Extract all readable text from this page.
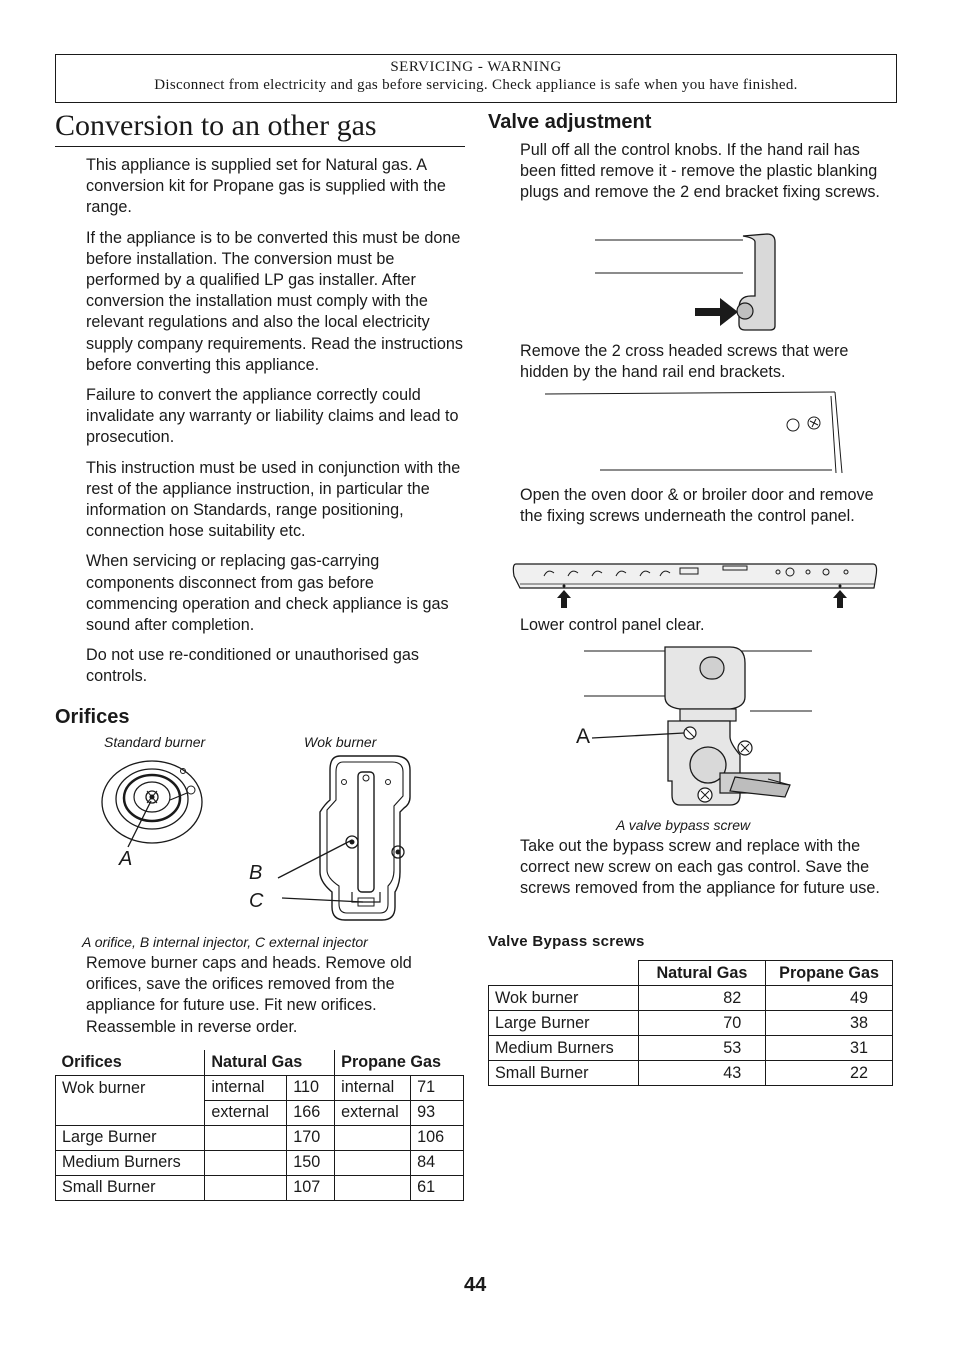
SERVICING - WARNING
Disconnect from electricity and gas before servicing. Check appliance is safe when you have finished.
Conversion to an other gas

This appliance is supplied set for Natural gas. A conversion kit for Propane gas is supplied with the range.

If the appliance is to be converted this must be done before installation. The conversion must be performed by a qualified LP gas installer. After conversion the installation must comply with the relevant regulations and also the local electricity supply company requirements. Read the instructions before converting this appliance.

Failure to convert the appliance correctly could invalidate any warranty or liability claims and lead to prosecution.

This instruction must be used in conjunction with the rest of the appliance instruction, in particular the information on Standards, range positioning, connection hose suitability etc.

When servicing or replacing gas-carrying components disconnect from gas before commencing operation and check appliance is gas sound after completion.

Do not use re-conditioned or unauthorised gas controls.

Orifices
Standard burner	Wok burner
A
B
C
A orifice, B internal injector, C external injector
Remove burner caps and heads. Remove old orifices, save the orifices removed from the appliance for future use. Fit new orifices. Reassemble in reverse order.
Orifices	Natural Gas		Propane Gas	
Wok burner	internal	110	internal	71
	external	166	external	93
Large Burner		170		106
Medium Burners		150		84
Small Burner		107		61
Valve adjustment
Pull off all the control knobs. If the hand rail has been fitted remove it - remove the plastic blanking plugs and remove the 2 end bracket fixing screws.
Remove the 2 cross headed screws that were hidden by the hand rail end brackets.
Open the oven door & or broiler door and remove the fixing screws underneath the control panel.
Lower control panel clear.
A
A valve bypass screw
Take out the bypass screw and replace with the correct new screw on each gas control. Save the screws removed from the appliance for future use.
Valve Bypass screws
	Natural Gas	Propane Gas
Wok burner	82	49
Large Burner	70	38
Medium Burners	53	31
Small Burner	43	22
44
